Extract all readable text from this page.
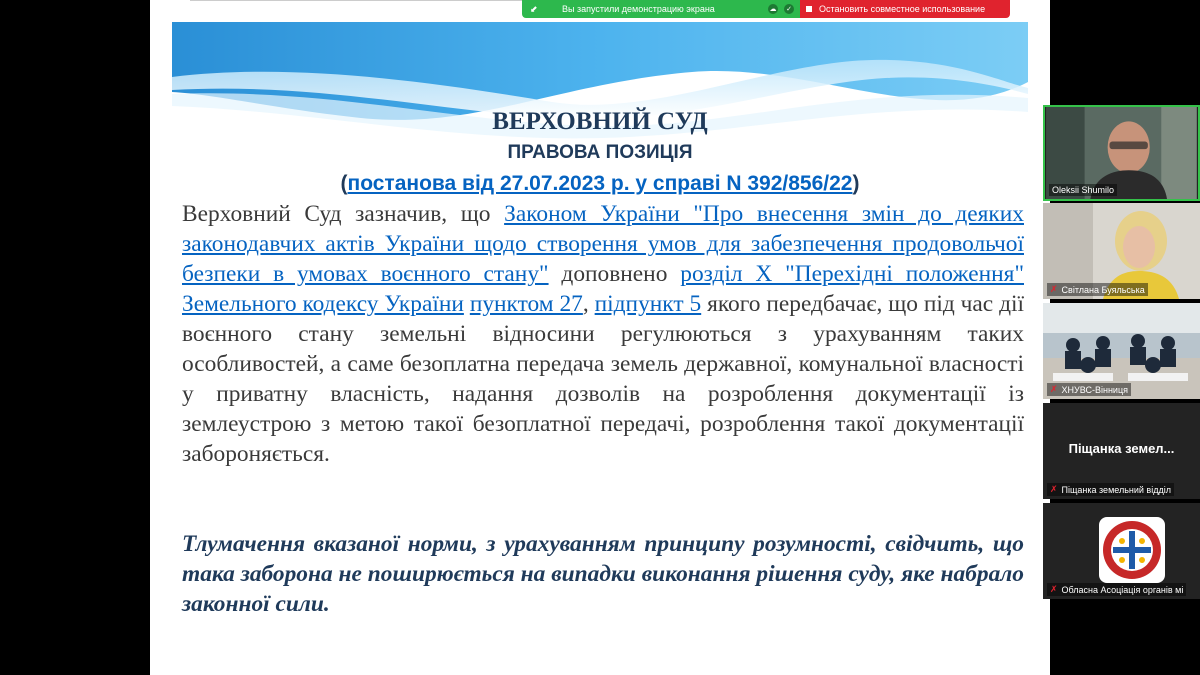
ВЕРХОВНИЙ СУД
ПРАВОВА ПОЗИЦІЯ
(постанова від 27.07.2023 р. у справі N 392/856/22)
Верховний Суд зазначив, що Законом України "Про внесення змін до деяких законодавчих актів України щодо створення умов для забезпечення продовольчої безпеки в умовах воєнного стану" доповнено розділ X "Перехідні положення" Земельного кодексу України пунктом 27, підпункт 5 якого передбачає, що під час дії воєнного стану земельні відносини регулюються з урахуванням таких особливостей, а саме безоплатна передача земель державної, комунальної власності у приватну власність, надання дозволів на розроблення документації із землеустрою з метою такої безоплатної передачі, розроблення такої документації забороняється.
Тлумачення вказаної норми, з урахуванням принципу розумності, свідчить, що така заборона не поширюється на випадки виконання рішення суду, яке набрало законної сили.
⬋	Вы запустили демонстрацию экрана	☁ ✓	Остановить совместное использование
Oleksii Shumilo
✗ Світлана Буяльська
✗ ХНУВС-Вінниця
Піщанка земел...
✗ Піщанка земельний відділ
✗ Обласна Асоціація органів мі
